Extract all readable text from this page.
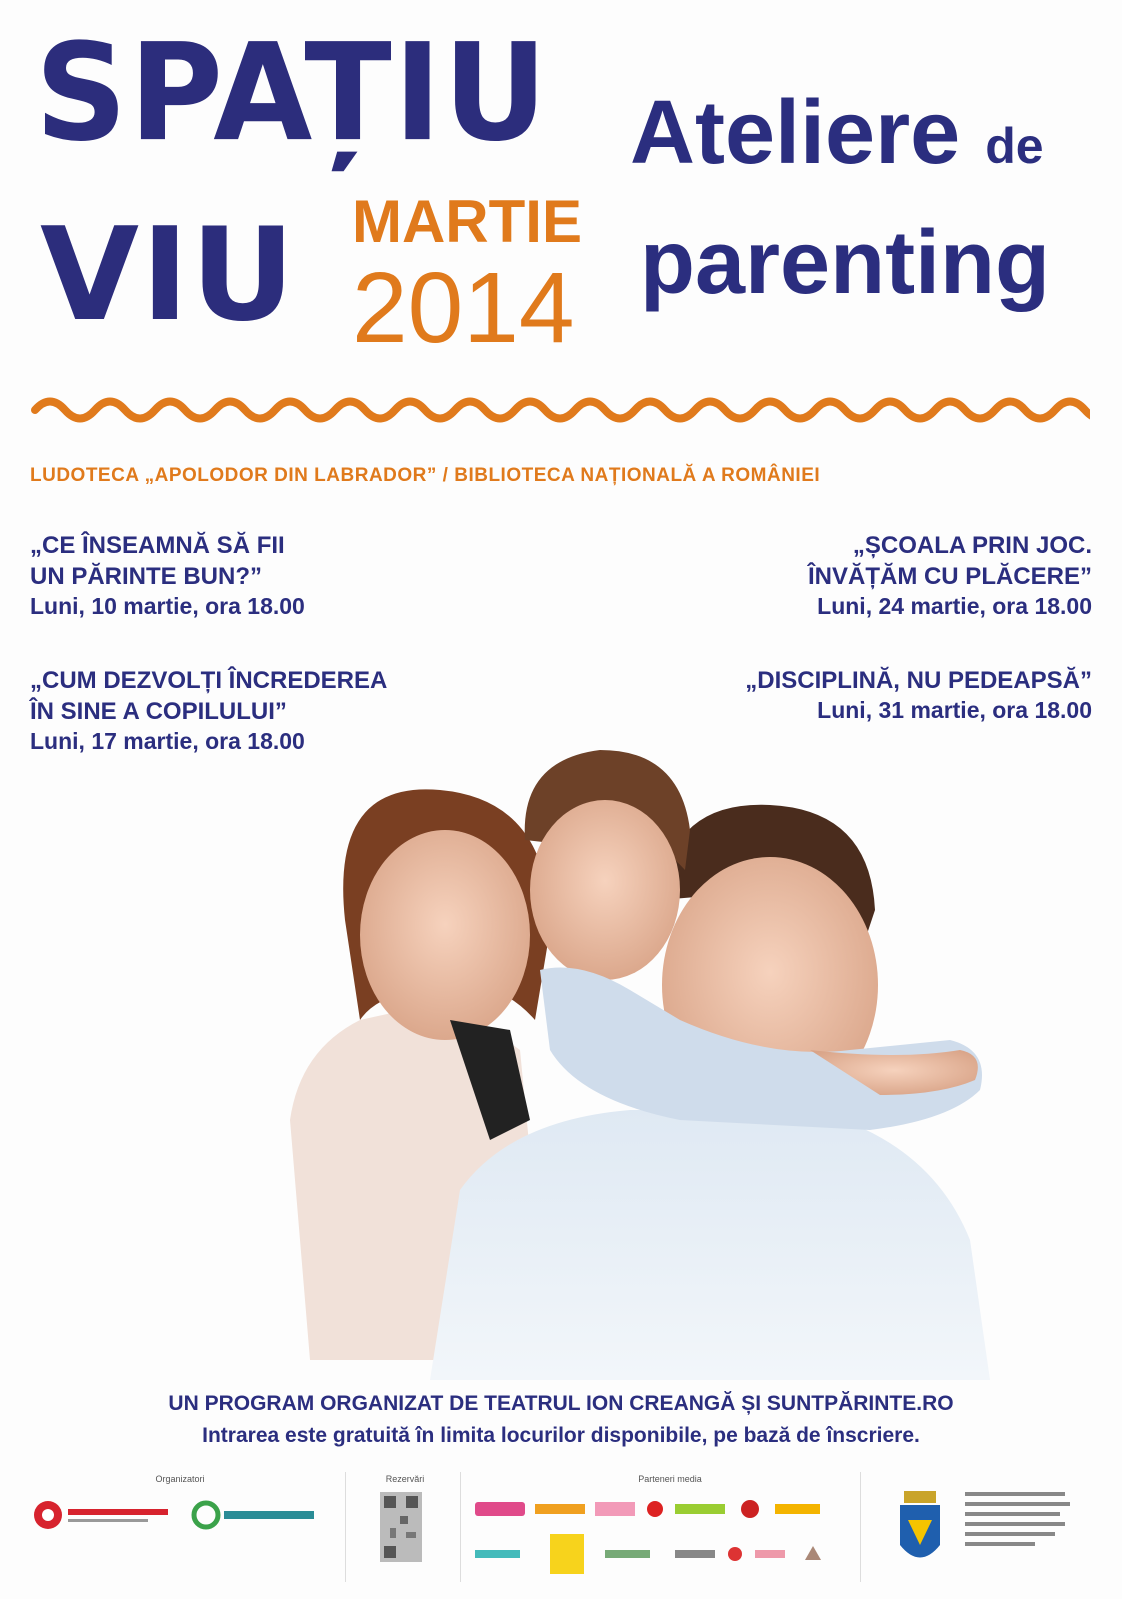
SPAȚIU
VIU MARTIE
2014
Ateliere de
parenting
LUDOTECA „APOLODOR DIN LABRADOR” / BIBLIOTECA NAȚIONALĂ A ROMÂNIEI
„CE ÎNSEAMNĂ SĂ FII
UN PĂRINTE BUN?”
Luni, 10 martie, ora 18.00
„CUM DEZVOLȚI ÎNCREDEREA
ÎN SINE A COPILULUI”
Luni, 17 martie, ora 18.00
„ȘCOALA PRIN JOC.
ÎNVĂȚĂM CU PLĂCERE”
Luni, 24 martie, ora 18.00
„DISCIPLINĂ, NU PEDEAPSĂ”
Luni, 31 martie, ora 18.00
UN PROGRAM ORGANIZAT DE TEATRUL ION CREANGĂ ȘI SUNTPĂRINTE.RO
Intrarea este gratuită în limita locurilor disponibile, pe bază de înscriere.
Organizatori	Rezervări	Parteneri media
